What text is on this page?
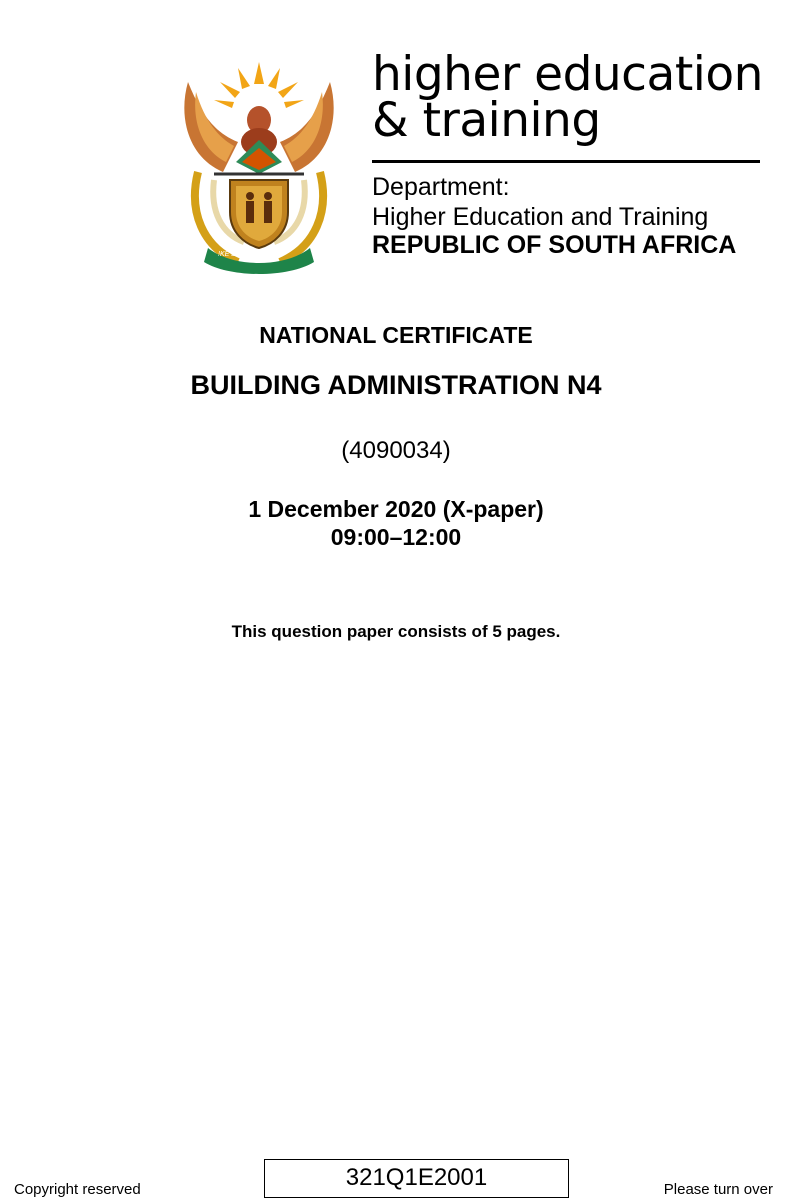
!KE E: /XARRA //KE
higher education
& training
Department:
Higher Education and Training
REPUBLIC OF SOUTH AFRICA
NATIONAL CERTIFICATE
BUILDING ADMINISTRATION N4
(4090034)
1 December 2020 (X-paper)
09:00–12:00
This question paper consists of 5 pages.
Copyright reserved	321Q1E2001	Please turn over
